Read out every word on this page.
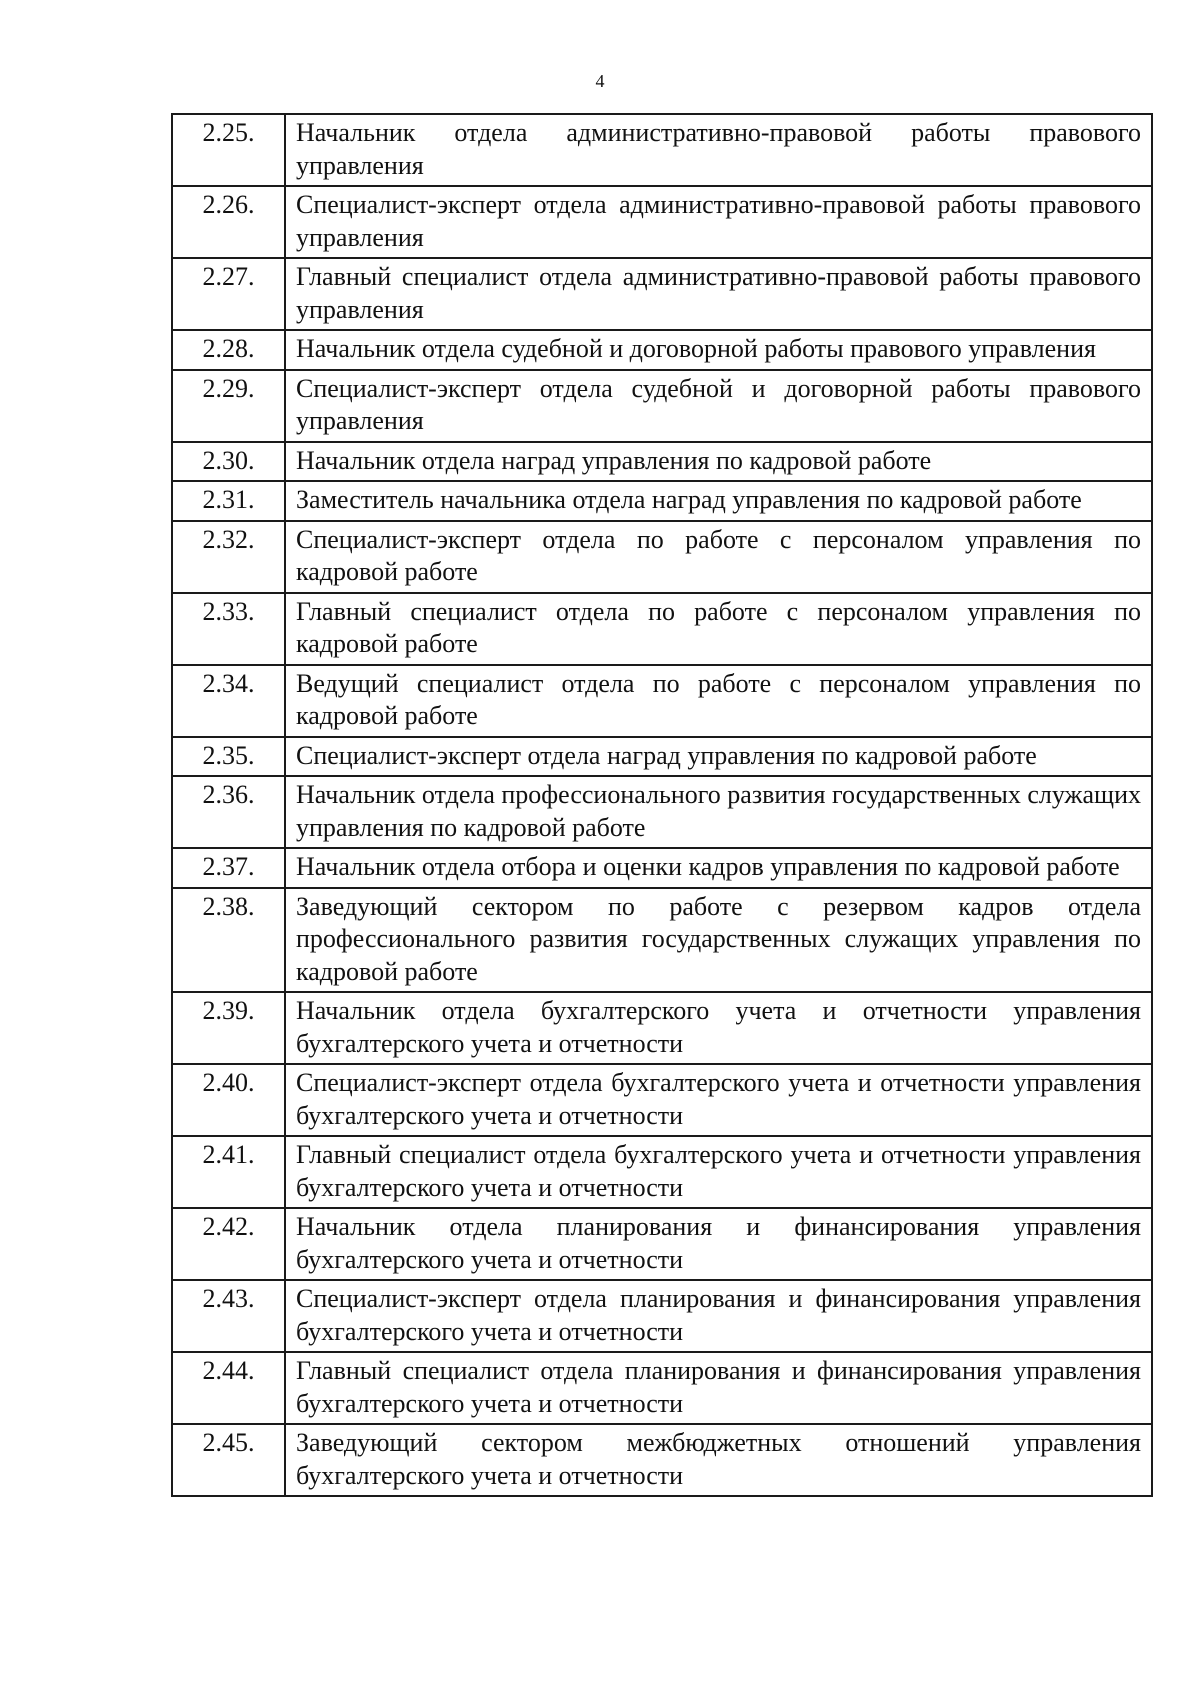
4
2.25.	Начальник отдела административно-правовой работы правового управления
2.26.	Специалист-эксперт отдела административно-правовой работы правового управления
2.27.	Главный специалист отдела административно-правовой работы правового управления
2.28.	Начальник отдела судебной и договорной работы правового управления
2.29.	Специалист-эксперт отдела судебной и договорной работы правового управления
2.30.	Начальник отдела наград управления по кадровой работе
2.31.	Заместитель начальника отдела наград управления по кадровой работе
2.32.	Специалист-эксперт отдела по работе с персоналом управления по кадровой работе
2.33.	Главный специалист отдела по работе с персоналом управления по кадровой работе
2.34.	Ведущий специалист отдела по работе с персоналом управления по кадровой работе
2.35.	Специалист-эксперт отдела наград управления по кадровой работе
2.36.	Начальник отдела профессионального развития государственных служащих управления по кадровой работе
2.37.	Начальник отдела отбора и оценки кадров управления по кадровой работе
2.38.	Заведующий сектором по работе с резервом кадров отдела профессионального развития государственных служащих управления по кадровой работе
2.39.	Начальник отдела бухгалтерского учета и отчетности управления бухгалтерского учета и отчетности
2.40.	Специалист-эксперт отдела бухгалтерского учета и отчетности управления бухгалтерского учета и отчетности
2.41.	Главный специалист отдела бухгалтерского учета и отчетности управления бухгалтерского учета и отчетности
2.42.	Начальник отдела планирования и финансирования управления бухгалтерского учета и отчетности
2.43.	Специалист-эксперт отдела планирования и финансирования управления бухгалтерского учета и отчетности
2.44.	Главный специалист отдела планирования и финансирования управления бухгалтерского учета и отчетности
2.45.	Заведующий сектором межбюджетных отношений управления бухгалтерского учета и отчетности
